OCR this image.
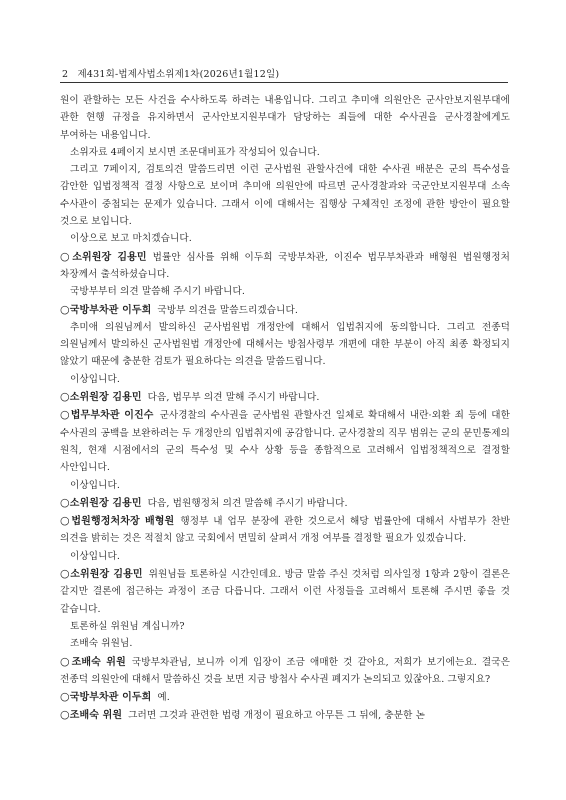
2 제431회-법제사법소위제1차(2026년1월12일)

원이 관할하는 모든 사건을 수사하도록 하려는 내용입니다. 그리고 추미애 의원안은 군사안보지원부대에 관한 현행 규정을 유지하면서 군사안보지원부대가 담당하는 죄들에 대한 수사권을 군사경찰에게도 부여하는 내용입니다.

소위자료 4페이지 보시면 조문대비표가 작성되어 있습니다.

그리고 7페이지, 검토의견 말씀드리면 이런 군사법원 관할사건에 대한 수사권 배분은 군의 특수성을 감안한 입법정책적 결정 사항으로 보이며 추미애 의원안에 따르면 군사경찰과와 국군안보지원부대 소속 수사관이 중첩되는 문제가 있습니다. 그래서 이에 대해서는 집행상 구체적인 조정에 관한 방안이 필요할 것으로 보입니다.

이상으로 보고 마치겠습니다.

○소위원장 김용민 법률안 심사를 위해 이두희 국방부차관, 이진수 법무부차관과 배형원 법원행정처 차장께서 출석하셨습니다.

국방부부터 의견 말씀해 주시기 바랍니다.

○국방부차관 이두희 국방부 의견을 말씀드리겠습니다.

추미애 의원님께서 발의하신 군사법원법 개정안에 대해서 입법취지에 동의합니다. 그리고 전종덕 의원님께서 발의하신 군사법원법 개정안에 대해서는 방첩사령부 개편에 대한 부분이 아직 최종 확정되지 않았기 때문에 충분한 검토가 필요하다는 의견을 말씀드립니다.

이상입니다.

○소위원장 김용민 다음, 법무부 의견 말해 주시기 바랍니다.

○법무부차관 이진수 군사경찰의 수사권을 군사법원 관할사건 일체로 확대해서 내란·외환 죄 등에 대한 수사권의 공백을 보완하려는 두 개정안의 입법취지에 공감합니다. 군사경찰의 직무 범위는 군의 문민통제의 원칙, 현재 시점에서의 군의 특수성 및 수사 상황 등을 종합적으로 고려해서 입법정책적으로 결정할 사안입니다.

이상입니다.

○소위원장 김용민 다음, 법원행정처 의견 말씀해 주시기 바랍니다.

○법원행정처차장 배형원 행정부 내 업무 분장에 관한 것으로서 해당 법률안에 대해서 사법부가 찬반 의견을 밝히는 것은 적절치 않고 국회에서 면밀히 살펴서 개정 여부를 결정할 필요가 있겠습니다.

이상입니다.

○소위원장 김용민 위원님들 토론하실 시간인데요. 방금 말씀 주신 것처럼 의사일정 1항과 2항이 결론은 같지만 결론에 접근하는 과정이 조금 다릅니다. 그래서 이런 사정들을 고려해서 토론해 주시면 좋을 것 같습니다.

토론하실 위원님 계십니까?

조배숙 위원님.

○조배숙 위원 국방부차관님, 보니까 이게 입장이 조금 애매한 것 같아요, 저희가 보기에는요. 결국은 전종덕 의원안에 대해서 말씀하신 것을 보면 지금 방첩사 수사권 폐지가 논의되고 있잖아요. 그렇지요?

○국방부차관 이두희 예.

○조배숙 위원 그러면 그것과 관련한 법령 개정이 필요하고 아무튼 그 뒤에, 충분한 논
